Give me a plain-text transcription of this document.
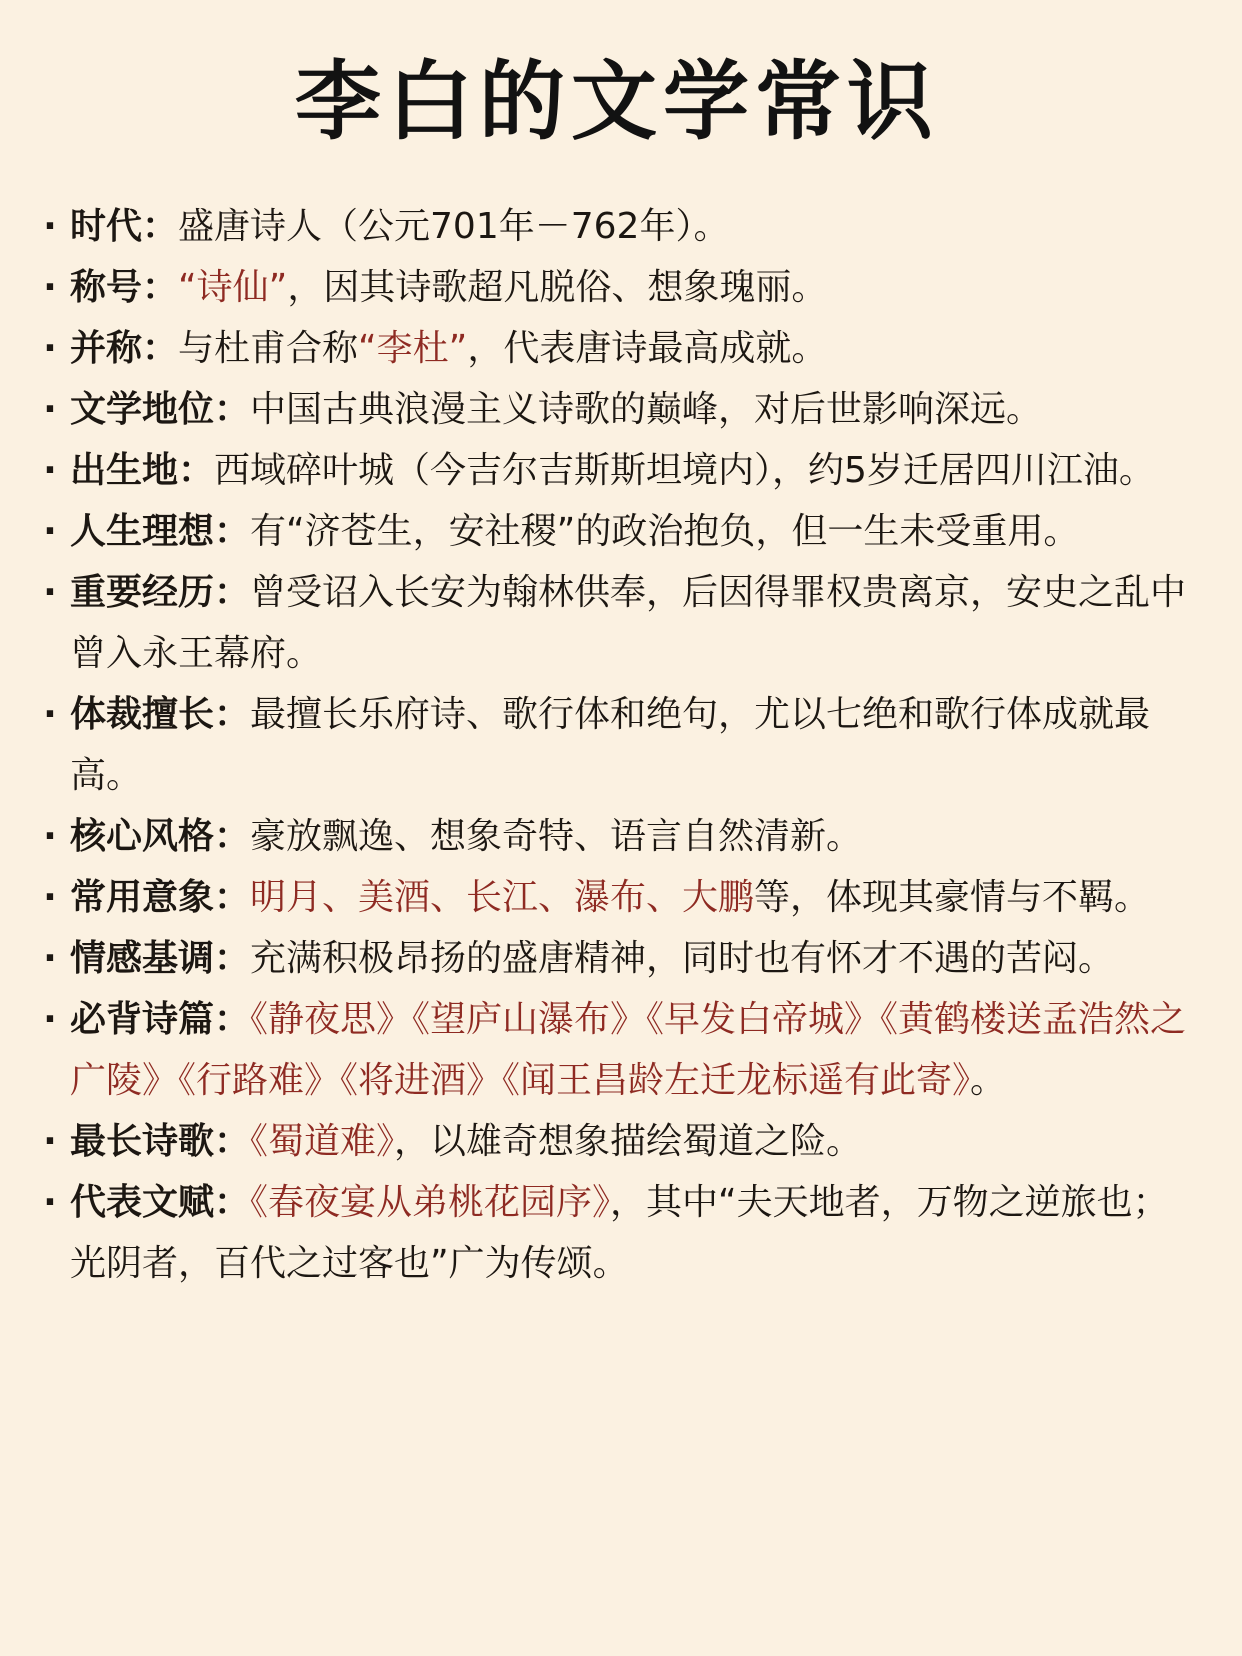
李白的文学常识
· 时代：盛唐诗人（公元701年－762年）。
· 称号：“诗仙”，因其诗歌超凡脱俗、想象瑰丽。
· 并称：与杜甫合称“李杜”，代表唐诗最高成就。
· 文学地位：中国古典浪漫主义诗歌的巅峰，对后世影响深远。
· 出生地：西域碎叶城（今吉尔吉斯斯坦境内），约5岁迁居四川江油。
· 人生理想：有“济苍生，安社稷”的政治抱负，但一生未受重用。
· 重要经历：曾受诏入长安为翰林供奉，后因得罪权贵离京，安史之乱中曾入永王幕府。
· 体裁擅长：最擅长乐府诗、歌行体和绝句，尤以七绝和歌行体成就最高。
· 核心风格：豪放飘逸、想象奇特、语言自然清新。
· 常用意象：明月、美酒、长江、瀑布、大鹏等，体现其豪情与不羁。
· 情感基调：充满积极昂扬的盛唐精神，同时也有怀才不遇的苦闷。
· 必背诗篇：《静夜思》《望庐山瀑布》《早发白帝城》《黄鹤楼送孟浩然之广陵》《行路难》《将进酒》《闻王昌龄左迁龙标遥有此寄》。
· 最长诗歌：《蜀道难》，以雄奇想象描绘蜀道之险。
· 代表文赋：《春夜宴从弟桃花园序》，其中“夫天地者，万物之逆旅也；光阴者，百代之过客也”广为传颂。
